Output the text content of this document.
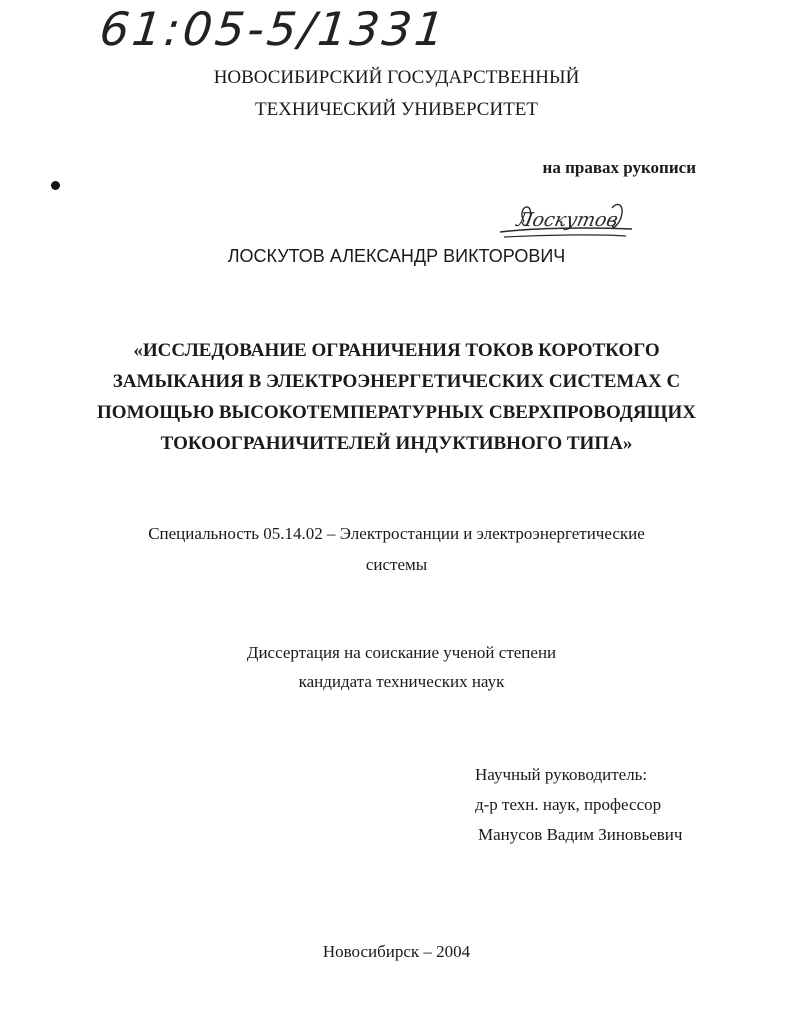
61:05-5/1331
НОВОСИБИРСКИЙ ГОСУДАРСТВЕННЫЙ
ТЕХНИЧЕСКИЙ УНИВЕРСИТЕТ
на правах рукописи
Лоскутов
ЛОСКУТОВ АЛЕКСАНДР ВИКТОРОВИЧ
«ИССЛЕДОВАНИЕ ОГРАНИЧЕНИЯ ТОКОВ КОРОТКОГО
ЗАМЫКАНИЯ В ЭЛЕКТРОЭНЕРГЕТИЧЕСКИХ СИСТЕМАХ С
ПОМОЩЬЮ ВЫСОКОТЕМПЕРАТУРНЫХ СВЕРХПРОВОДЯЩИХ
ТОКООГРАНИЧИТЕЛЕЙ ИНДУКТИВНОГО ТИПА»
Специальность 05.14.02 – Электростанции и электроэнергетические
системы
Диссертация на соискание ученой степени
кандидата технических наук
Научный руководитель:
д-р техн. наук, профессор
Манусов Вадим Зиновьевич
Новосибирск – 2004
